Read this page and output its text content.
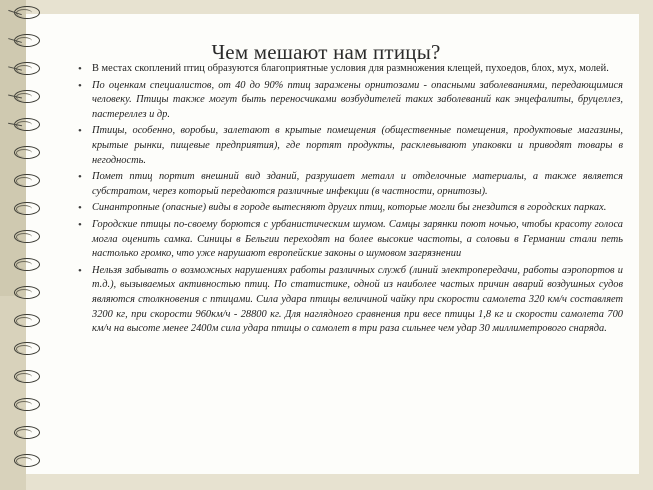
Чем мешают нам птицы?
• В местах скоплений птиц образуются благоприятные условия для размножения клещей, пухоедов, блох, мух, молей.
• По оценкам специалистов, от 40 до 90% птиц заражены орнитозами - опасными заболеваниями, передающимися человеку. Птицы также могут быть переносчиками возбудителей таких заболеваний как энцефалиты, бруцеллез, пастереллез и др.
• Птицы, особенно, воробьи, залетают в крытые помещения (общественные помещения, продуктовые магазины, крытые рынки, пищевые предприятия), где портят продукты, расклевывают упаковки и приводят товары в негодность.
• Помет птиц портит внешний вид зданий, разрушает металл и отделочные материалы, а также является субстратом, через который передаются различные инфекции (в частности, орнитозы).
• Синантропные (опасные) виды в городе вытесняют других птиц, которые могли бы гнездится в городских парках.
• Городские птицы по-своему борются с урбанистическим шумом. Самцы зарянки поют ночью, чтобы красоту голоса могла оценить самка. Синицы в Бельгии переходят на более высокие частоты, а соловьи в Германии стали петь настолько громко, что уже нарушают европейские законы о шумовом загрязнении
• Нельзя забывать о возможных нарушениях работы различных служб (линий электропередачи, работы аэропортов и т.д.), вызываемых активностью птиц. По статистике, одной из наиболее частых причин аварий воздушных судов являются столкновения с птицами. Сила удара птицы величиной чайку при скорости самолета 320 км/ч составляет 3200 кг, при скорости 960км/ч - 28800 кг. Для наглядного сравнения при весе птицы 1,8 кг и скорости самолета 700 км/ч на высоте менее 2400м сила удара птицы о самолет в три раза сильнее чем удар 30 миллиметрового снаряда.
